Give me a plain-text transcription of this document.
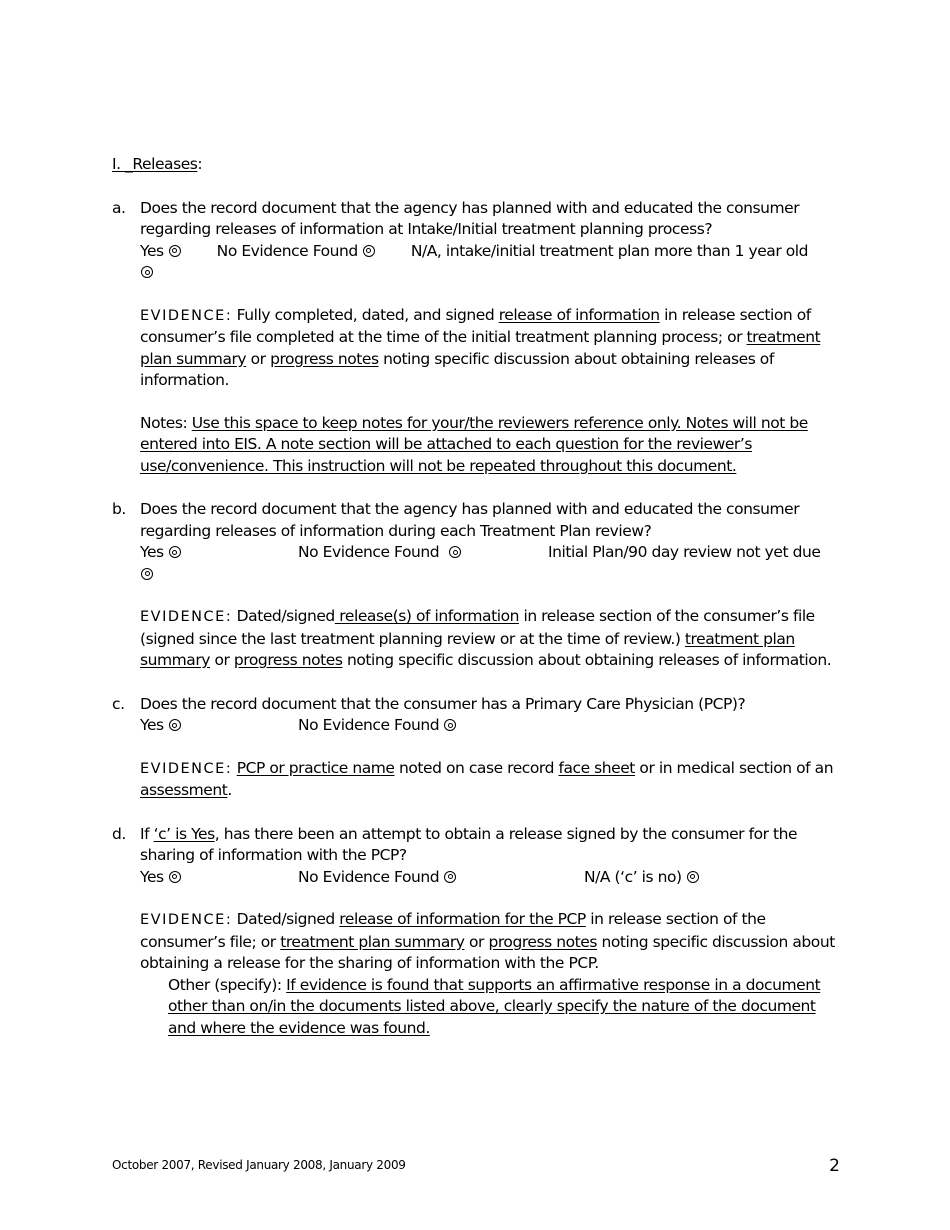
I. _Releases:
a. Does the record document that the agency has planned with and educated the consumer regarding releases of information at Intake/Initial treatment planning process?
Yes	No Evidence Found	N/A, intake/initial treatment plan more than 1 year old
EVIDENCE: Fully completed, dated, and signed release of information in release section of consumer’s file completed at the time of the initial treatment planning process; or treatment plan summary or progress notes noting specific discussion about obtaining releases of information.
Notes: Use this space to keep notes for your/the reviewers reference only. Notes will not be entered into EIS. A note section will be attached to each question for the reviewer’s use/convenience. This instruction will not be repeated throughout this document.
b. Does the record document that the agency has planned with and educated the consumer regarding releases of information during each Treatment Plan review?
Yes	No Evidence Found	Initial Plan/90 day review not yet due
EVIDENCE: Dated/signed release(s) of information in release section of the consumer’s file (signed since the last treatment planning review or at the time of review.) treatment plan summary or progress notes noting specific discussion about obtaining releases of information.
c. Does the record document that the consumer has a Primary Care Physician (PCP)?
Yes	No Evidence Found
EVIDENCE: PCP or practice name noted on case record face sheet or in medical section of an assessment.
d. If ‘c’ is Yes, has there been an attempt to obtain a release signed by the consumer for the sharing of information with the PCP?
Yes	No Evidence Found	N/A (‘c’ is no)
EVIDENCE: Dated/signed release of information for the PCP in release section of the consumer’s file; or treatment plan summary or progress notes noting specific discussion about obtaining a release for the sharing of information with the PCP.
Other (specify): If evidence is found that supports an affirmative response in a document other than on/in the documents listed above, clearly specify the nature of the document and where the evidence was found.
October 2007, Revised January 2008, January 2009	2
